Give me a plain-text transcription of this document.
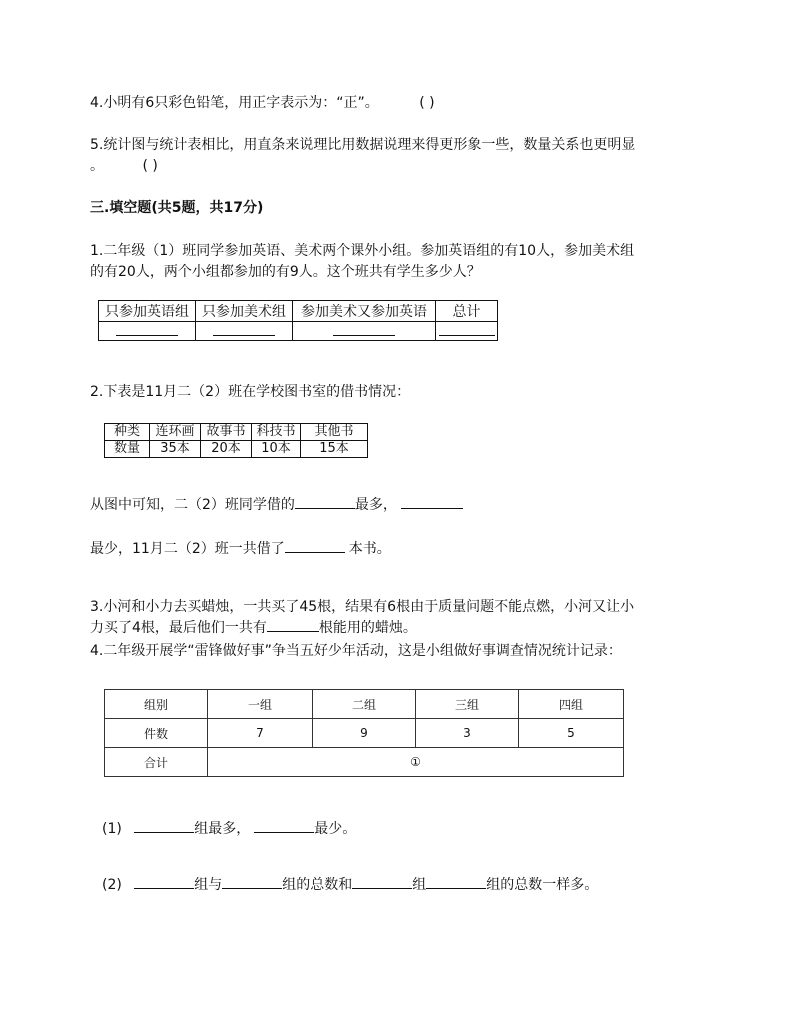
4.小明有6只彩色铅笔，用正字表示为：“正”。	( )
5.统计图与统计表相比，用直条来说理比用数据说理来得更形象一些，数量关系也更明显
。	( )
三.填空题(共5题，共17分)
1.二年级（1）班同学参加英语、美术两个课外小组。参加英语组的有10人，参加美术组
的有20人，两个小组都参加的有9人。这个班共有学生多少人？
只参加英语组	只参加美术组	参加美术又参加英语	总计

2.下表是11月二（2）班在学校图书室的借书情况：
种类	连环画	故事书	科技书	其他书
数量	35本	20本	10本	15本
从图中可知，二（2）班同学借的	最多，
最少，11月二（2）班一共借了	本书。
3.小河和小力去买蜡烛，一共买了45根，结果有6根由于质量问题不能点燃，小河又让小
力买了4根，最后他们一共有	根能用的蜡烛。
4.二年级开展学“雷锋做好事”争当五好少年活动，这是小组做好事调查情况统计记录：
组别	一组	二组	三组	四组
件数	7	9	3	5
合计	①			
(1)	组最多，	最少。
(2)	组与	组的总数和	组	组的总数一样多。
